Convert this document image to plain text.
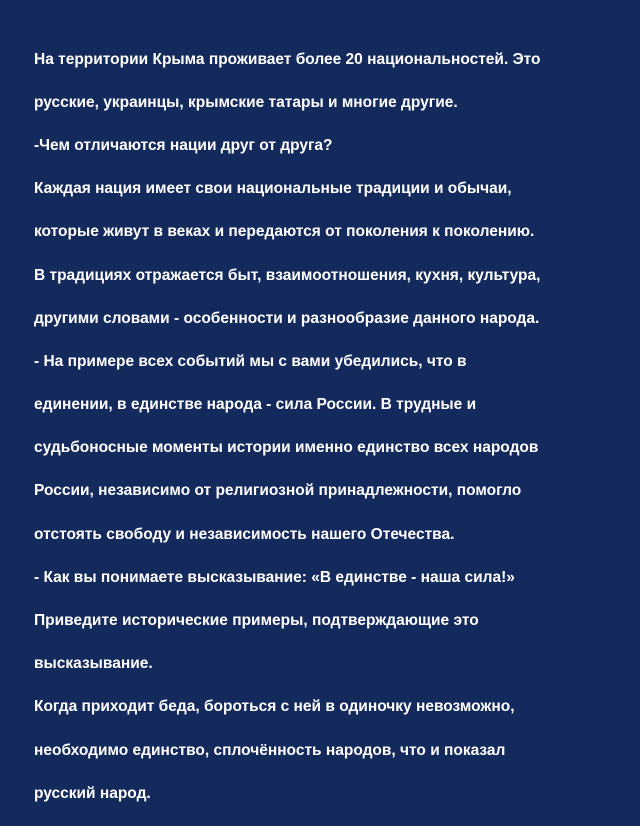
На территории Крыма проживает более 20 национальностей. Это

русские, украинцы, крымские татары и многие другие.

-Чем отличаются нации друг от друга?

Каждая нация имеет свои национальные традиции и обычаи,

которые живут в веках и передаются от поколения к поколению.

В традициях отражается быт, взаимоотношения, кухня, культура,

другими словами - особенности и разнообразие данного народа.

- На примере всех событий мы с вами убедились, что в

единении, в единстве народа - сила России. В трудные и

судьбоносные моменты истории именно единство всех народов

России, независимо от религиозной принадлежности, помогло

отстоять свободу и независимость нашего Отечества.

- Как вы понимаете высказывание: «В единстве - наша сила!»

Приведите исторические примеры, подтверждающие это

высказывание.

Когда приходит беда, бороться с ней в одиночку невозможно,

необходимо единство, сплочённость народов, что и показал

русский народ.
